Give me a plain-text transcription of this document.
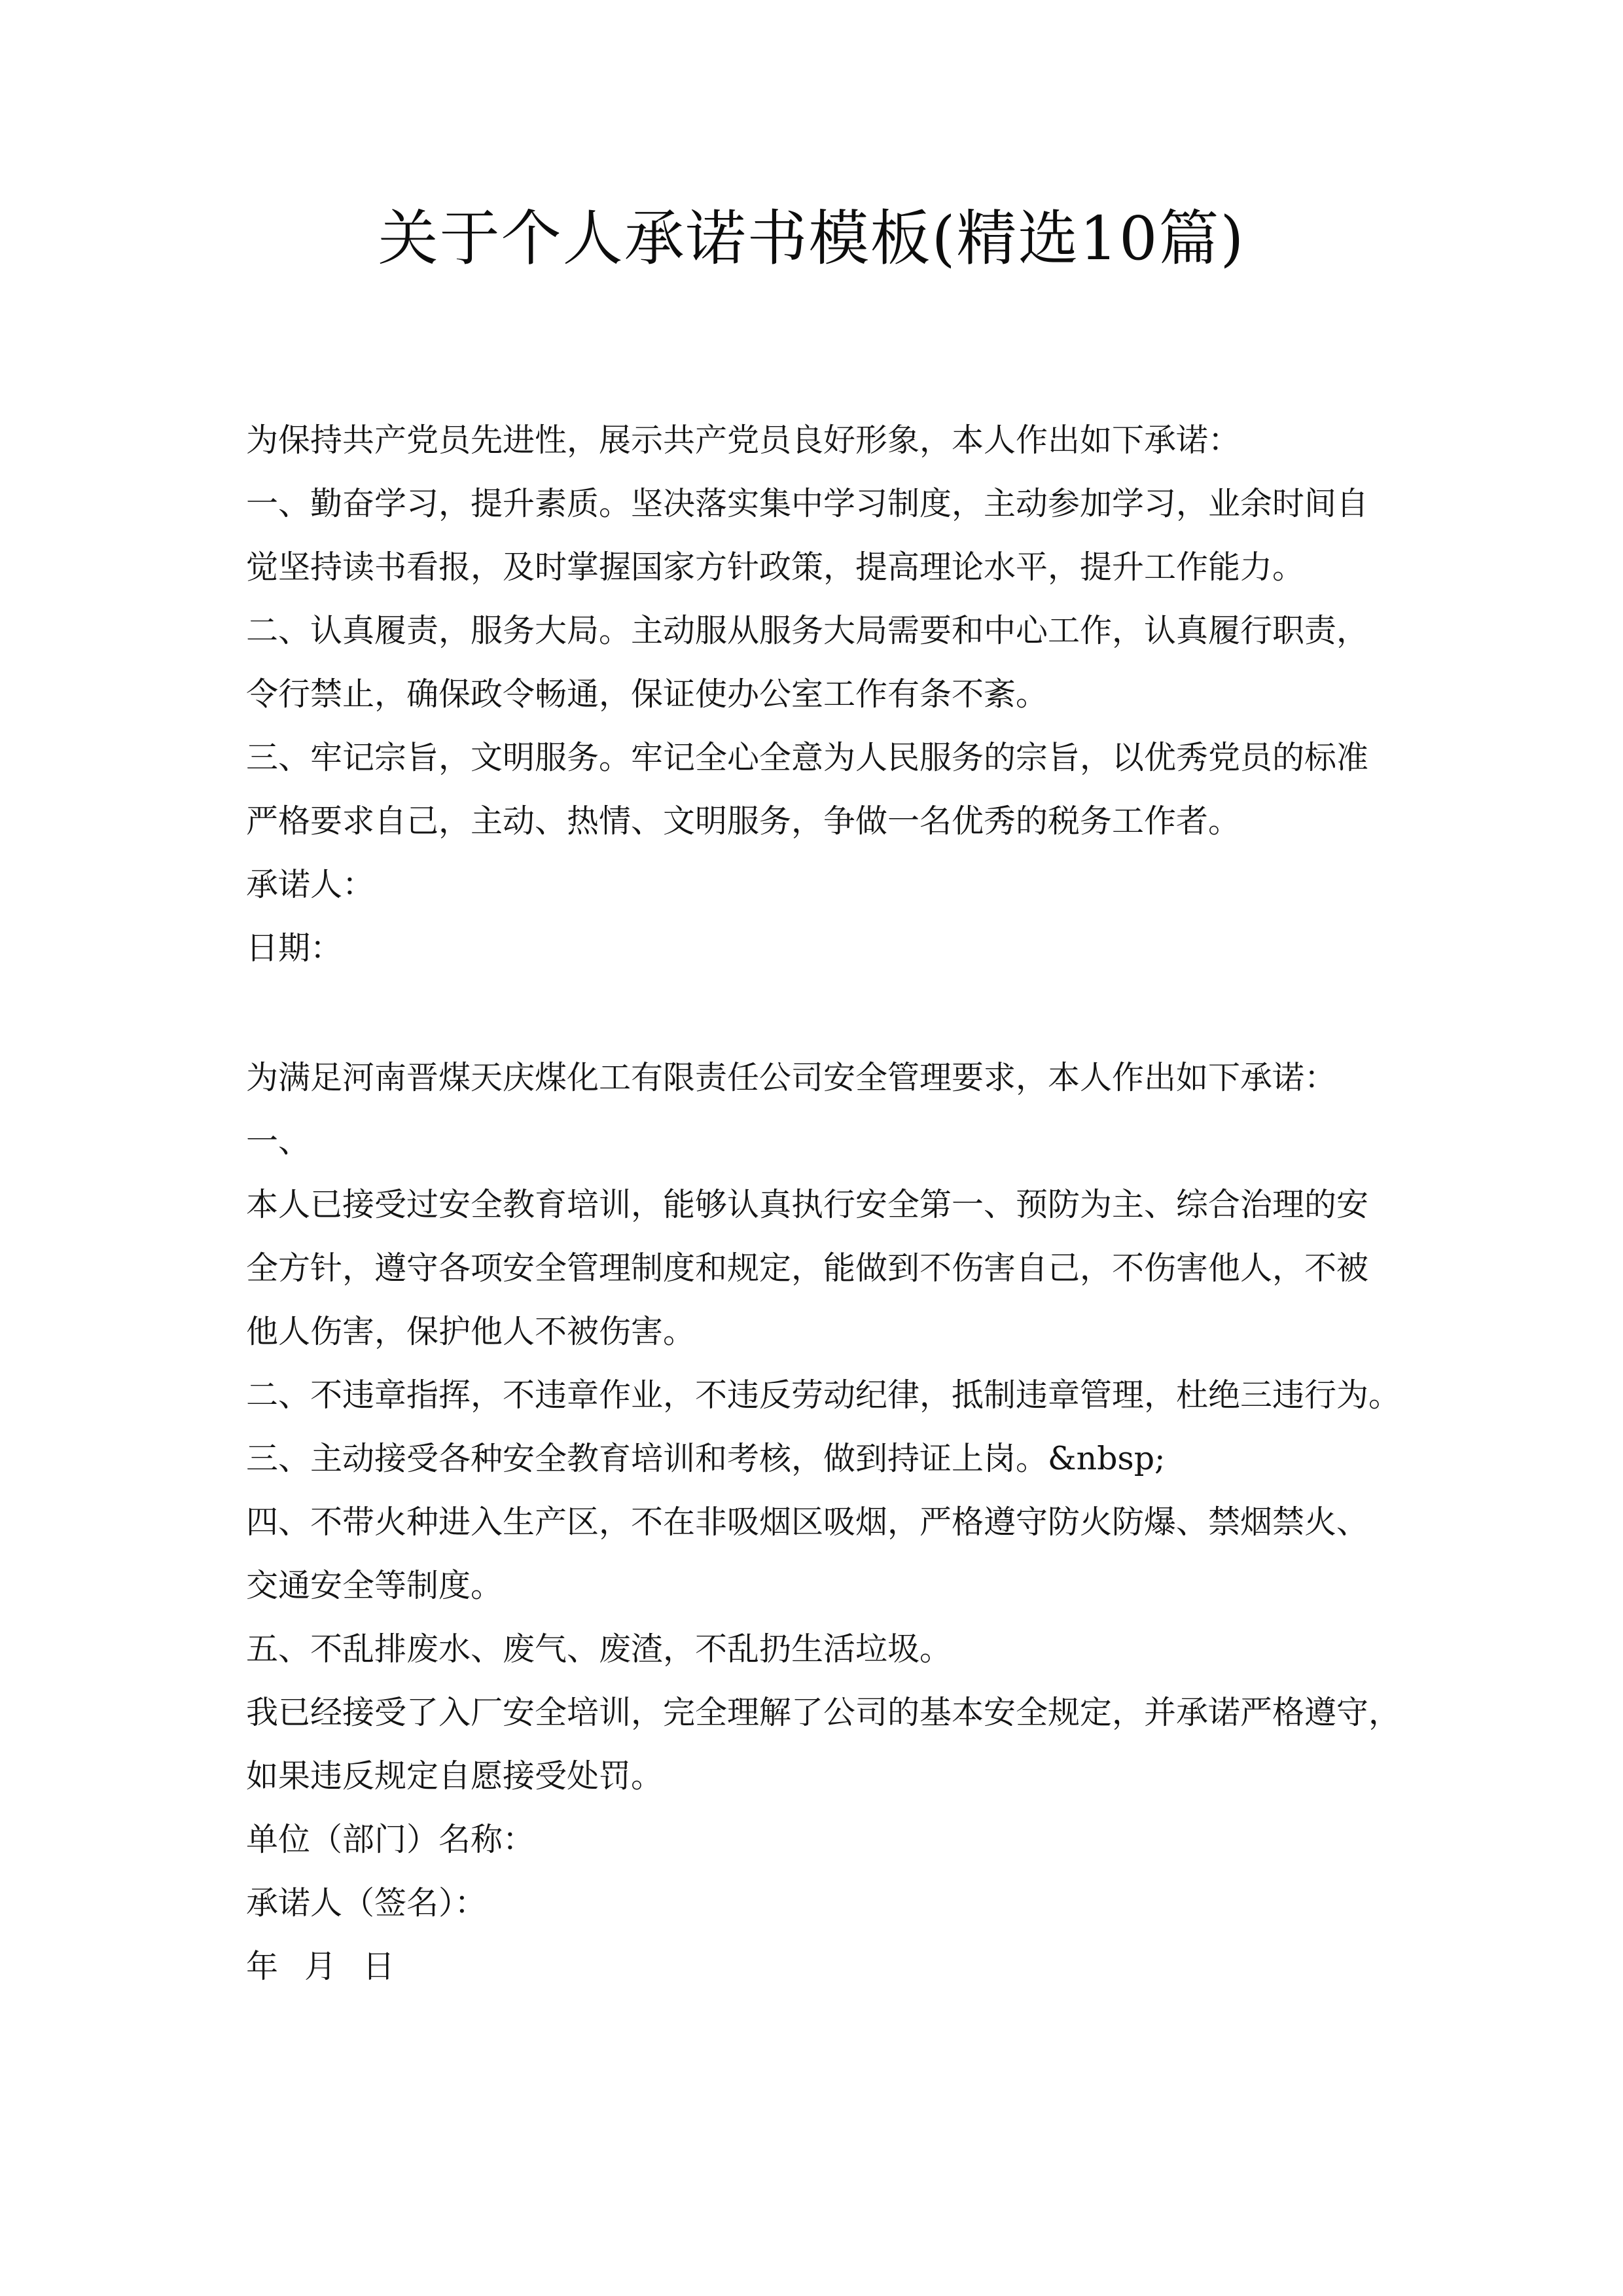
关于个人承诺书模板(精选10篇)

为保持共产党员先进性，展示共产党员良好形象，本人作出如下承诺：

一、勤奋学习，提升素质。坚决落实集中学习制度，主动参加学习，业余时间自

觉坚持读书看报，及时掌握国家方针政策，提高理论水平，提升工作能力。

二、认真履责，服务大局。主动服从服务大局需要和中心工作，认真履行职责，

令行禁止，确保政令畅通，保证使办公室工作有条不紊。

三、牢记宗旨，文明服务。牢记全心全意为人民服务的宗旨，以优秀党员的标准

严格要求自己，主动、热情、文明服务，争做一名优秀的税务工作者。

承诺人：

日期：

为满足河南晋煤天庆煤化工有限责任公司安全管理要求，本人作出如下承诺：

一、

本人已接受过安全教育培训，能够认真执行安全第一、预防为主、综合治理的安

全方针，遵守各项安全管理制度和规定，能做到不伤害自己，不伤害他人，不被

他人伤害，保护他人不被伤害。

二、不违章指挥，不违章作业，不违反劳动纪律，抵制违章管理，杜绝三违行为。

三、主动接受各种安全教育培训和考核，做到持证上岗。&nbsp;

四、不带火种进入生产区，不在非吸烟区吸烟，严格遵守防火防爆、禁烟禁火、

交通安全等制度。

五、不乱排废水、废气、废渣，不乱扔生活垃圾。

我已经接受了入厂安全培训，完全理解了公司的基本安全规定，并承诺严格遵守，

如果违反规定自愿接受处罚。

单位（部门）名称：

承诺人（签名）：

年 月 日
